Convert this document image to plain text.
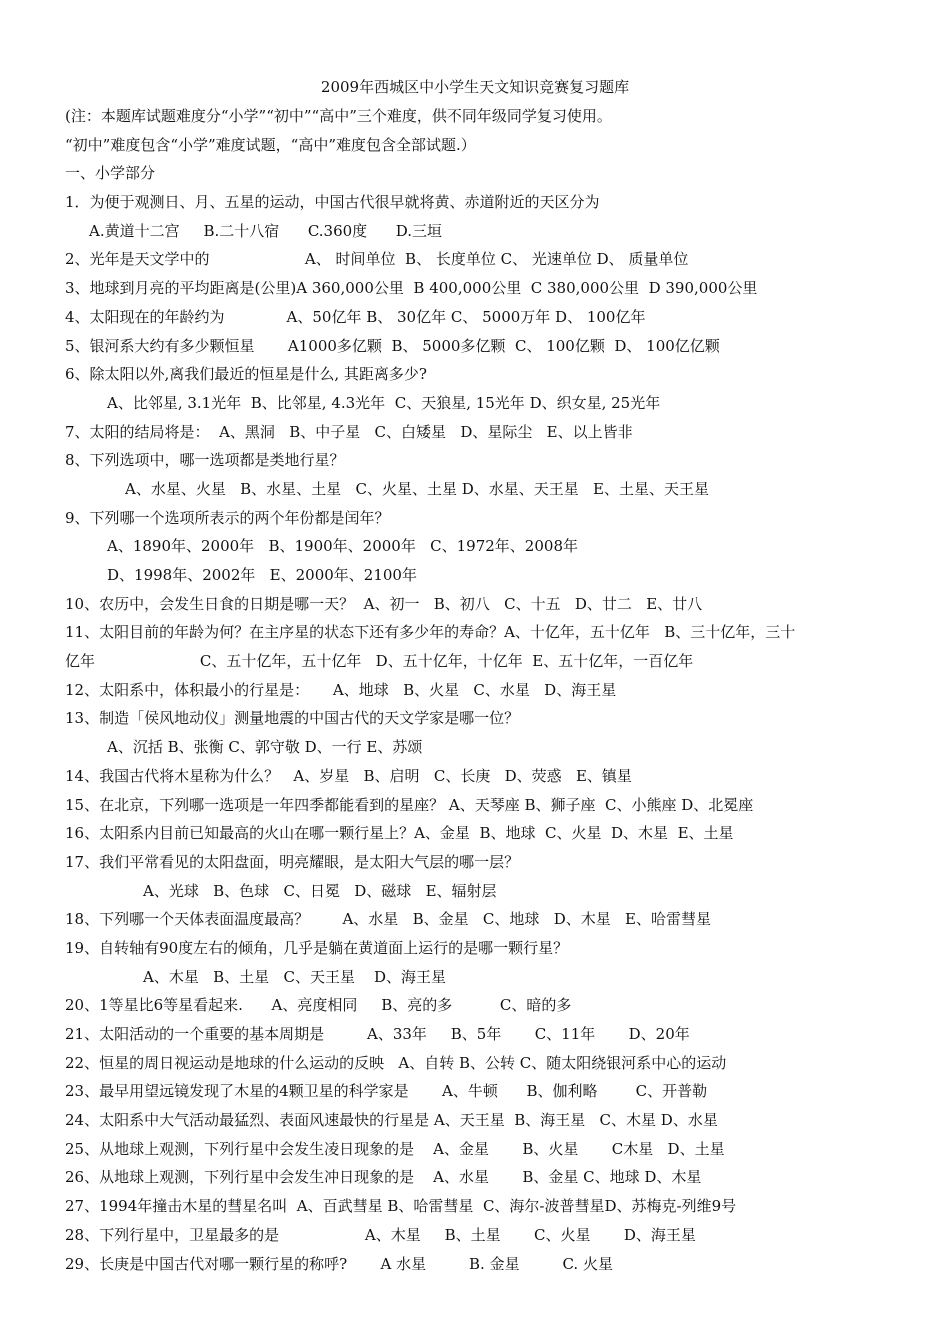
2009年西城区中小学生天文知识竞赛复习题库
(注：本题库试题难度分“小学”“初中”“高中”三个难度，供不同年级同学复习使用。
“初中”难度包含“小学”难度试题，“高中”难度包含全部试题.）
一、小学部分
1．为便于观测日、月、五星的运动，中国古代很早就将黄、赤道附近的天区分为
A.黄道十二宫     B.二十八宿      C.360度      D.三垣
2、光年是天文学中的                    A、 时间单位  B、 长度单位 C、 光速单位 D、 质量单位
3、地球到月亮的平均距离是(公里)A 360,000公里  B 400,000公里  C 380,000公里  D 390,000公里
4、太阳现在的年龄约为             A、50亿年 B、 30亿年 C、 5000万年 D、 100亿年
5、银河系大约有多少颗恒星       A1000多亿颗  B、 5000多亿颗  C、 100亿颗  D、 100亿亿颗
6、除太阳以外,离我们最近的恒星是什么, 其距离多少?
A、比邻星, 3.1光年  B、比邻星, 4.3光年  C、天狼星, 15光年 D、织女星, 25光年
7、太阳的结局将是：  A、黑洞   B、中子星   C、白矮星   D、星际尘   E、以上皆非
8、下列选项中，哪一选项都是类地行星？
A、水星、火星   B、水星、土星   C、火星、土星 D、水星、天王星   E、土星、天王星
9、下列哪一个选项所表示的两个年份都是闰年？
A、1890年、2000年   B、1900年、2000年   C、1972年、2008年
D、1998年、2002年   E、2000年、2100年
10、农历中，会发生日食的日期是哪一天？  A、初一   B、初八   C、十五   D、廿二   E、廿八
11、太阳目前的年龄为何？在主序星的状态下还有多少年的寿命？A、十亿年，五十亿年   B、三十亿年，三十
亿年                      C、五十亿年，五十亿年   D、五十亿年，十亿年  E、五十亿年，一百亿年
12、太阳系中，体积最小的行星是：     A、地球   B、火星   C、水星   D、海王星
13、制造「侯风地动仪」测量地震的中国古代的天文学家是哪一位？
A、沉括 B、张衡 C、郭守敬 D、一行 E、苏颂
14、我国古代将木星称为什么？   A、岁星   B、启明   C、长庚   D、荧惑   E、镇星
15、在北京，下列哪一选项是一年四季都能看到的星座？ A、天琴座 B、狮子座  C、小熊座 D、北冕座
16、太阳系内目前已知最高的火山在哪一颗行星上？A、金星  B、地球  C、火星  D、木星  E、土星
17、我们平常看见的太阳盘面，明亮耀眼，是太阳大气层的哪一层？
A、光球   B、色球   C、日冕   D、磁球   E、辐射层
18、下列哪一个天体表面温度最高？       A、水星   B、金星   C、地球   D、木星   E、哈雷彗星
19、自转轴有90度左右的倾角，几乎是躺在黄道面上运行的是哪一颗行星？
A、木星   B、土星   C、天王星    D、海王星
20、1等星比6等星看起来.      A、亮度相同     B、亮的多          C、暗的多
21、太阳活动的一个重要的基本周期是         A、33年     B、5年       C、11年       D、20年
22、恒星的周日视运动是地球的什么运动的反映   A、自转 B、公转 C、随太阳绕银河系中心的运动
23、最早用望远镜发现了木星的4颗卫星的科学家是       A、牛顿      B、伽利略        C、开普勒
24、太阳系中大气活动最猛烈、表面风速最快的行星是 A、天王星  B、海王星   C、木星 D、水星
25、从地球上观测，下列行星中会发生凌日现象的是    A、金星       B、火星       C木星   D、土星
26、从地球上观测，下列行星中会发生冲日现象的是    A、水星       B、金星 C、地球 D、木星
27、1994年撞击木星的彗星名叫  A、百武彗星 B、哈雷彗星  C、海尔-波普彗星D、苏梅克-列维9号
28、下列行星中，卫星最多的是                  A、木星     B、土星       C、火星       D、海王星
29、长庚是中国古代对哪一颗行星的称呼?       A 水星         B. 金星         C. 火星
